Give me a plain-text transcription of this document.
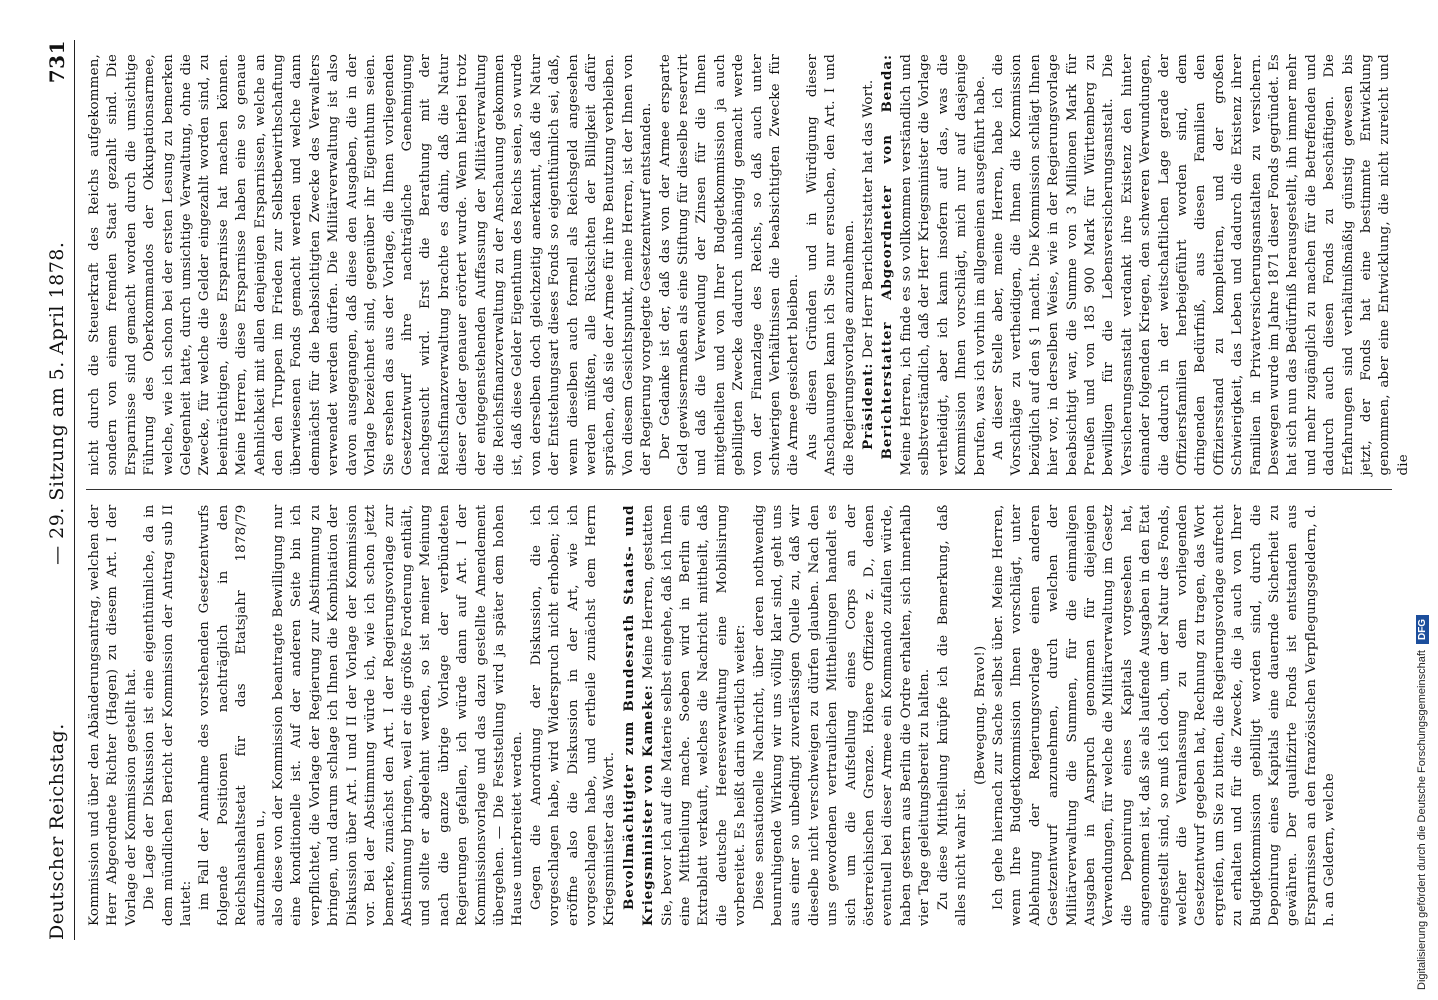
Deutscher Reichstag.
— 29. Sitzung am 5. April 1878.
731

Kommission und über den Abänderungsantrag, welchen der Herr Abgeordnete Richter (Hagen) zu diesem Art. I der Vorlage der Kommission gestellt hat. Die Lage der Diskussion ist eine eigenthümliche, da in dem mündlichen Bericht der Kommission der Antrag sub II lautet: im Fall der Annahme des vorstehenden Gesetzentwurfs folgende Positionen nachträglich in den Reichshaushaltsetat für das Etatsjahr 1878/79 aufzunehmen u., also diese von der Kommission beantragte Bewilligung nur eine konditionelle ist. Auf der anderen Seite bin ich verpflichtet, die Vorlage der Regierung zur Abstimmung zu bringen, und darum schlage ich Ihnen die Kombination der Diskussion über Art. I und II der Vorlage der Kommission vor. Bei der Abstimmung würde ich, wie ich schon jetzt bemerke, zunächst den Art. I der Regierungsvorlage zur Abstimmung bringen, weil er die größte Forderung enthält, und sollte er abgelehnt werden, so ist meiner Meinung nach die ganze übrige Vorlage der verbündeten Regierungen gefallen, ich würde dann auf Art. I der Kommissionsvorlage und das dazu gestellte Amendement übergehen. — Die Feststellung wird ja später dem hohen Hause unterbreitet werden. Gegen die Anordnung der Diskussion, die ich vorgeschlagen habe, wird Widerspruch nicht erhoben; ich eröffne also die Diskussion in der Art, wie ich vorgeschlagen habe, und ertheile zunächst dem Herrn Kriegsminister das Wort. Bevollmächtigter zum Bundesrath Staats- und Kriegsminister von Kameke: Meine Herren, gestatten Sie, bevor ich auf die Materie selbst eingehe, daß ich Ihnen eine Mittheilung mache. Soeben wird in Berlin ein Extrablatt verkauft, welches die Nachricht mittheilt, daß die deutsche Heeresverwaltung eine Mobilisirung vorbereitet. Es heißt darin wörtlich weiter: Diese sensationelle Nachricht, über deren nothwendig beunruhigende Wirkung wir uns völlig klar sind, geht uns aus einer so unbedingt zuverlässigen Quelle zu, daß wir dieselbe nicht verschweigen zu dürfen glauben. Nach den uns gewordenen vertraulichen Mittheilungen handelt es sich um die Aufstellung eines Corps an der österreichischen Grenze. Höhere Offiziere z. D., denen eventuell bei dieser Armee ein Kommando zufallen würde, haben gestern aus Berlin die Ordre erhalten, sich innerhalb vier Tage geleitungsbereit zu halten. Zu diese Mittheilung knüpfe ich die Bemerkung, daß alles nicht wahr ist.

(Bewegung. Bravo!) Ich gehe hiernach zur Sache selbst über. Meine Herren, wenn Ihre Budgetkommission Ihnen vorschlägt, unter Ablehnung der Regierungsvorlage einen anderen Gesetzentwurf anzunehmen, durch welchen der Militärverwaltung die Summen, für die einmaligen Ausgaben in Anspruch genommen für diejenigen Verwendungen, für welche die Militärverwaltung im Gesetz die Deponirung eines Kapitals vorgesehen hat, angenommen ist, daß sie als laufende Ausgaben in den Etat eingestellt sind, so muß ich doch, um der Natur des Fonds, welcher die Veranlassung zu dem vorliegenden Gesetzentwurf gegeben hat, Rechnung zu tragen, das Wort ergreifen, um Sie zu bitten, die Regierungsvorlage aufrecht zu erhalten und für die Zwecke, die ja auch von Ihrer Budgetkommission gebilligt worden sind, durch die Deponirung eines Kapitals eine dauernde Sicherheit zu gewähren. Der qualifizirte Fonds ist entstanden aus Ersparnissen an den französischen Verpflegungsgeldern, d. h. an Geldern, welche

nicht durch die Steuerkraft des Reichs aufgekommen, sondern von einem fremden Staat gezahlt sind. Die Ersparnisse sind gemacht worden durch die umsichtige Führung des Oberkommandos der Okkupationsarmee, welche, wie ich schon bei der ersten Lesung zu bemerken Gelegenheit hatte, durch umsichtige Verwaltung, ohne die Zwecke, für welche die Gelder eingezahlt worden sind, zu beeinträchtigen, diese Ersparnisse hat machen können. Meine Herren, diese Ersparnisse haben eine so genaue Aehnlichkeit mit allen denjenigen Ersparnissen, welche an den den Truppen im Frieden zur Selbstbewirthschaftung überwiesenen Fonds gemacht werden und welche dann demnächst für die beabsichtigten Zwecke des Verwalters verwendet werden dürfen. Die Militärverwaltung ist also davon ausgegangen, daß diese den Ausgaben, die in der Vorlage bezeichnet sind, gegenüber ihr Eigenthum seien. Sie ersehen das aus der Vorlage, die Ihnen vorliegenden Gesetzentwurf ihre nachträgliche Genehmigung nachgesucht wird. Erst die Berathung mit der Reichsfinanzverwaltung brachte es dahin, daß die Natur dieser Gelder genauer erörtert wurde. Wenn hierbei trotz der entgegenstehenden Auffassung der Militärverwaltung die Reichsfinanzverwaltung zu der Anschauung gekommen ist, daß diese Gelder Eigenthum des Reichs seien, so wurde von derselben doch gleichzeitig anerkannt, daß die Natur der Entstehungsart dieses Fonds so eigenthümlich sei, daß, wenn dieselben auch formell als Reichsgeld angesehen werden müßten, alle Rücksichten der Billigkeit dafür sprächen, daß sie der Armee für ihre Benutzung verbleiben. Von diesem Gesichtspunkt, meine Herren, ist der Ihnen von der Regierung vorgelegte Gesetzentwurf entstanden. Der Gedanke ist der, daß das von der Armee ersparte Geld gewissermaßen als eine Stiftung für dieselbe reservirt und daß die Verwendung der Zinsen für die Ihnen mitgetheilten und von Ihrer Budgetkommission ja auch gebilligten Zwecke dadurch unabhängig gemacht werde von der Finanzlage des Reichs, so daß auch unter schwierigen Verhältnissen die beabsichtigten Zwecke für die Armee gesichert bleiben. Aus diesen Gründen und in Würdigung dieser Anschauungen kann ich Sie nur ersuchen, den Art. I und die Regierungsvorlage anzunehmen. Präsident: Der Herr Berichterstatter hat das Wort. Berichterstatter Abgeordneter von Benda: Meine Herren, ich finde es so vollkommen verständlich und selbstverständlich, daß der Herr Kriegsminister die Vorlage vertheidigt, aber ich kann insofern auf das, was die Kommission Ihnen vorschlägt, mich nur auf dasjenige berufen, was ich vorhin im allgemeinen ausgeführt habe. An dieser Stelle aber, meine Herren, habe ich die Vorschläge zu vertheidigen, die Ihnen die Kommission bezüglich auf den § 1 macht. Die Kommission schlägt Ihnen hier vor, in derselben Weise, wie in der Regierungsvorlage beabsichtigt war, die Summe von 3 Millionen Mark für Preußen und von 185 900 Mark für Württemberg zu bewilligen für die Lebensversicherungsanstalt. Die Versicherungsanstalt verdankt ihre Existenz den hinter einander folgenden Kriegen, den schweren Verwundungen, die dadurch in der weitschaftlichen Lage gerade der Offiziersfamilien herbeigeführt worden sind, dem dringenden Bedürfniß, aus diesen Familien den Offiziersstand zu kompletiren, und der großen Schwierigkeit, das Leben und dadurch die Existenz ihrer Familien in Privatversicherungsanstalten zu versichern. Deswegen wurde im Jahre 1871 dieser Fonds gegründet. Es hat sich nun das Bedürfniß herausgestellt, ihn immer mehr und mehr zugänglich zu machen für die Betreffenden und dadurch auch diesen Fonds zu beschäftigen. Die Erfahrungen sind verhältnißmäßig günstig gewesen bis jetzt, der Fonds hat eine bestimmte Entwicklung genommen, aber eine Entwicklung, die nicht zureicht und die

Digitalisierung gefördert durch die Deutsche Forschungsgemeinschaft
DFG
